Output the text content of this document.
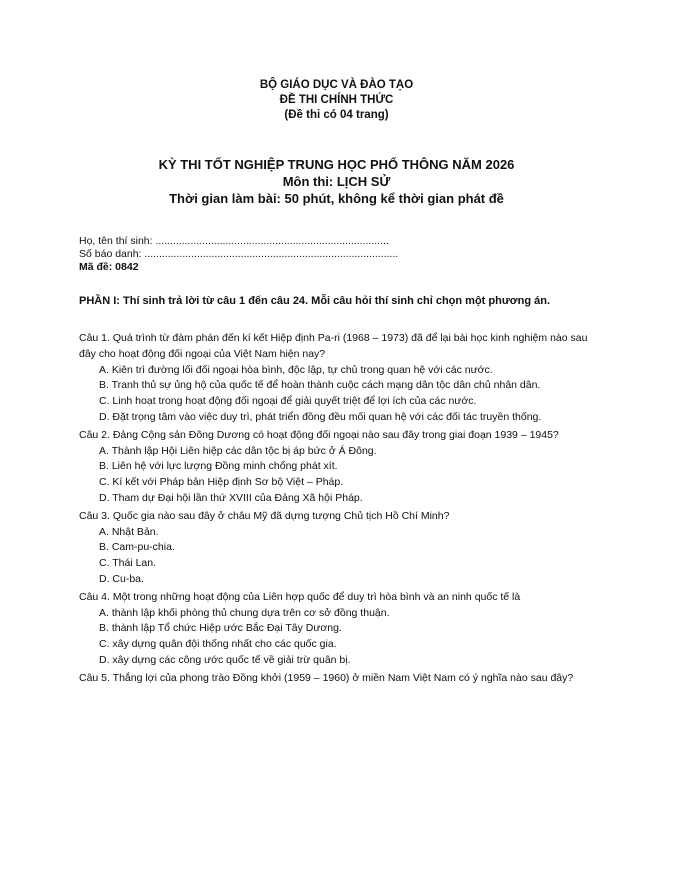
BỘ GIÁO DỤC VÀ ĐÀO TẠO
ĐỀ THI CHÍNH THỨC
(Đề thi có 04 trang)
KỲ THI TỐT NGHIỆP TRUNG HỌC PHỔ THÔNG NĂM 2026
Môn thi: LỊCH SỬ
Thời gian làm bài: 50 phút, không kể thời gian phát đề
Họ, tên thí sinh: ................................................................................
Số báo danh: .......................................................................................
Mã đề: 0842
PHẦN I: Thí sinh trả lời từ câu 1 đến câu 24. Mỗi câu hỏi thí sinh chỉ chọn một phương án.
Câu 1. Quá trình từ đàm phán đến kí kết Hiệp định Pa-ri (1968 – 1973) đã để lại bài học kinh nghiệm nào sau đây cho hoạt động đối ngoại của Việt Nam hiện nay?
A. Kiên trì đường lối đối ngoại hòa bình, độc lập, tự chủ trong quan hệ với các nước.
B. Tranh thủ sự ủng hộ của quốc tế để hoàn thành cuộc cách mạng dân tộc dân chủ nhân dân.
C. Linh hoạt trong hoạt động đối ngoại để giải quyết triệt để lợi ích của các nước.
D. Đặt trọng tâm vào việc duy trì, phát triển đồng đều mối quan hệ với các đối tác truyền thống.
Câu 2. Đảng Cộng sản Đông Dương có hoạt động đối ngoại nào sau đây trong giai đoạn 1939 – 1945?
A. Thành lập Hội Liên hiệp các dân tộc bị áp bức ở Á Đông.
B. Liên hệ với lực lượng Đồng minh chống phát xít.
C. Kí kết với Pháp bản Hiệp định Sơ bộ Việt – Pháp.
D. Tham dự Đại hội lần thứ XVIII của Đảng Xã hội Pháp.
Câu 3. Quốc gia nào sau đây ở châu Mỹ đã dựng tượng Chủ tịch Hồ Chí Minh?
A. Nhật Bản.
B. Cam-pu-chia.
C. Thái Lan.
D. Cu-ba.
Câu 4. Một trong những hoạt động của Liên hợp quốc để duy trì hòa bình và an ninh quốc tế là
A. thành lập khối phòng thủ chung dựa trên cơ sở đồng thuận.
B. thành lập Tổ chức Hiệp ước Bắc Đại Tây Dương.
C. xây dựng quân đội thống nhất cho các quốc gia.
D. xây dựng các công ước quốc tế về giải trừ quân bị.
Câu 5. Thắng lợi của phong trào Đồng khởi (1959 – 1960) ở miền Nam Việt Nam có ý nghĩa nào sau đây?
